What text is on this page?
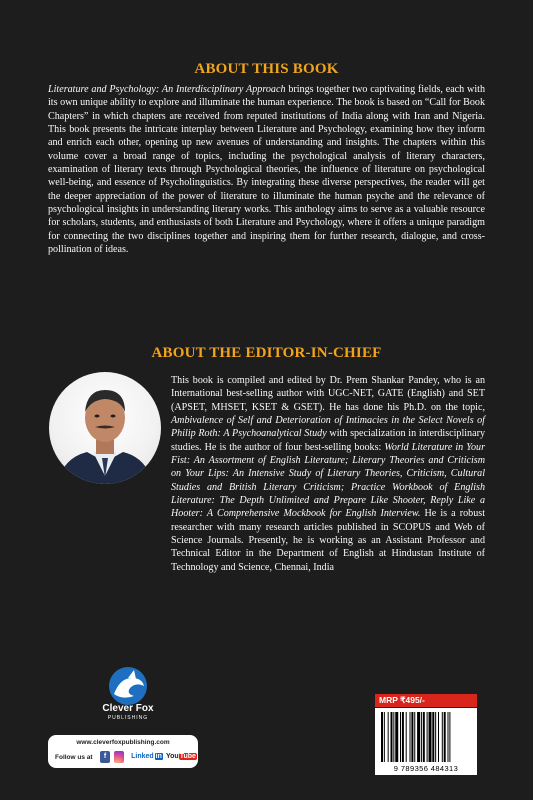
ABOUT THIS BOOK
Literature and Psychology: An Interdisciplinary Approach brings together two captivating fields, each with its own unique ability to explore and illuminate the human experience. The book is based on “Call for Book Chapters” in which chapters are received from reputed institutions of India along with Iran and Nigeria. This book presents the intricate interplay between Literature and Psychology, examining how they inform and enrich each other, opening up new avenues of understanding and insights. The chapters within this volume cover a broad range of topics, including the psychological analysis of literary characters, examination of literary texts through Psychological theories, the influence of literature on psychological well-being, and essence of Psycholinguistics. By integrating these diverse perspectives, the reader will get the deeper appreciation of the power of literature to illuminate the human psyche and the relevance of psychological insights in understanding literary works. This anthology aims to serve as a valuable resource for scholars, students, and enthusiasts of both Literature and Psychology, where it offers a unique paradigm for connecting the two disciplines together and inspiring them for further research, dialogue, and cross-pollination of ideas.
ABOUT THE EDITOR-IN-CHIEF
This book is compiled and edited by Dr. Prem Shankar Pandey, who is an International best-selling author with UGC-NET, GATE (English) and SET (APSET, MHSET, KSET & GSET). He has done his Ph.D. on the topic, Ambivalence of Self and Deterioration of Intimacies in the Select Novels of Philip Roth: A Psychoanalytical Study with specialization in interdisciplinary studies. He is the author of four best-selling books: World Literature in Your Fist: An Assortment of English Literature; Literary Theories and Criticism on Your Lips: An Intensive Study of Literary Theories, Criticism, Cultural Studies and British Literary Criticism; Practice Workbook of English Literature: The Depth Unlimited and Prepare Like Shooter, Reply Like a Hooter: A Comprehensive Mockbook for English Interview. He is a robust researcher with many research articles published in SCOPUS and Web of Science Journals. Presently, he is working as an Assistant Professor and Technical Editor in the Department of English at Hindustan Institute of Technology and Science, Chennai, India
Clever Fox
PUBLISHING
www.cleverfoxpublishing.com
Follow us at	f	Linked in YouTube
MRP ₹495/-
9 789356 484313
